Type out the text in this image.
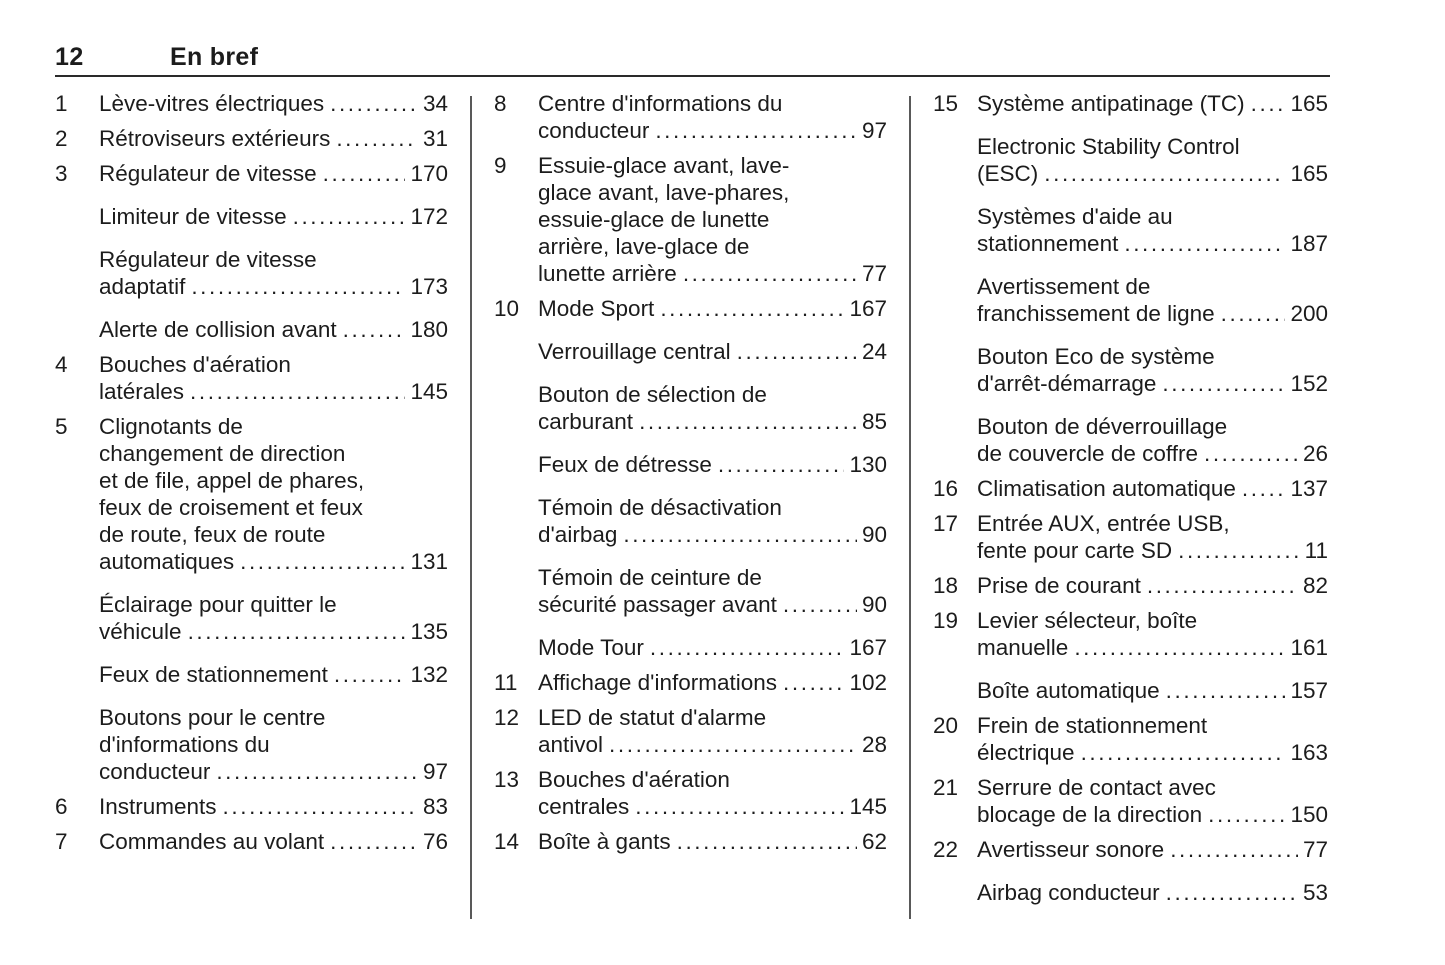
12	En bref
1 Lève-vitres électriques .....	34
2 Rétroviseurs extérieurs .....	31
3 Régulateur de vitesse .....	170
Limiteur de vitesse .....	172
Régulateur de vitesse
adaptatif .....	173
Alerte de collision avant .....	180
4 Bouches d'aération
latérales .....	145
5 Clignotants de
changement de direction
et de file, appel de phares,
feux de croisement et feux
de route, feux de route
automatiques .....	131
Éclairage pour quitter le
véhicule .....	135
Feux de stationnement .....	132
Boutons pour le centre
d'informations du
conducteur .....	97
6 Instruments .....	83
7 Commandes au volant .....	76
8 Centre d'informations du
conducteur .....	97
9 Essuie-glace avant, lave-
glace avant, lave-phares,
essuie-glace de lunette
arrière, lave-glace de
lunette arrière .....	77
10 Mode Sport .....	167
Verrouillage central .....	24
Bouton de sélection de
carburant .....	85
Feux de détresse .....	130
Témoin de désactivation
d'airbag .....	90
Témoin de ceinture de
sécurité passager avant .....	90
Mode Tour .....	167
11 Affichage d'informations .....	102
12 LED de statut d'alarme
antivol .....	28
13 Bouches d'aération
centrales .....	145
14 Boîte à gants .....	62
15 Système antipatinage (TC) ..... 165
Electronic Stability Control
(ESC) .....	165
Systèmes d'aide au
stationnement .....	187
Avertissement de
franchissement de ligne .....	200
Bouton Eco de système
d'arrêt-démarrage .....	152
Bouton de déverrouillage
de couvercle de coffre .....	26
16 Climatisation automatique ..... 137
17 Entrée AUX, entrée USB,
fente pour carte SD .....	11
18 Prise de courant .....	82
19 Levier sélecteur, boîte
manuelle .....	161
Boîte automatique .....	157
20 Frein de stationnement
électrique .....	163
21 Serrure de contact avec
blocage de la direction .....	150
22 Avertisseur sonore .....	77
Airbag conducteur .....	53
